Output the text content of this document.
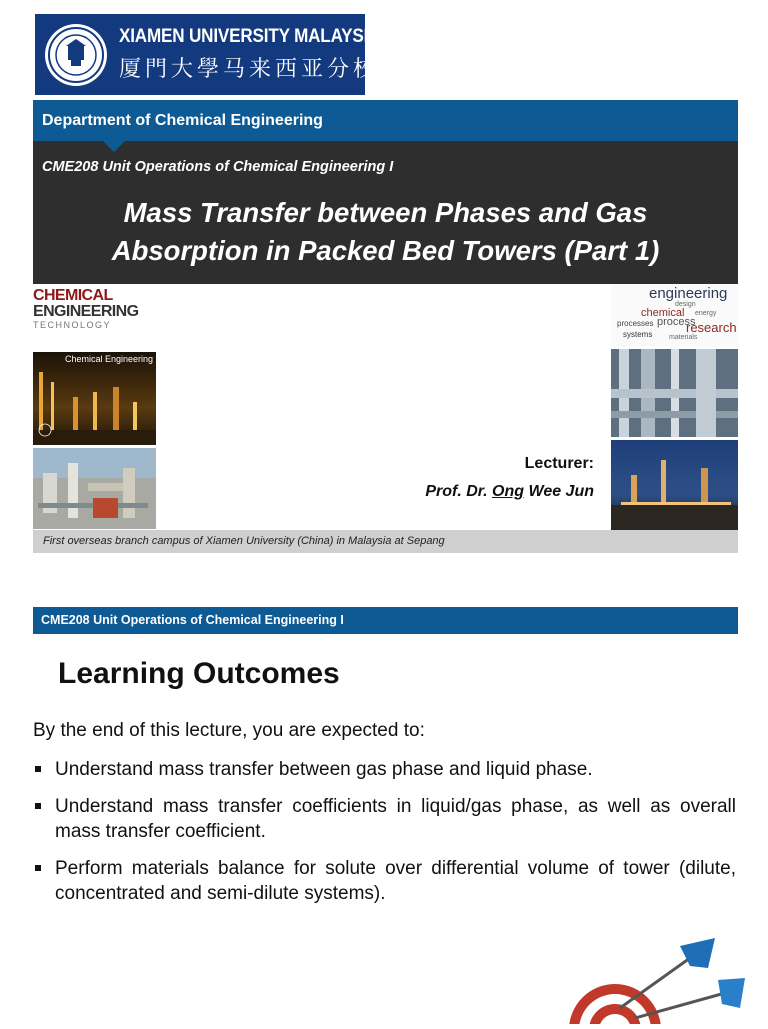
XIAMEN UNIVERSITY MALAYSIA
厦門大學马来西亚分校
Department of Chemical Engineering
CME208 Unit Operations of Chemical Engineering I
Mass Transfer between Phases and Gas
Absorption in Packed Bed Towers (Part 1)
CHEMICAL
ENGINEERING
TECHNOLOGY
Chemical Engineering
engineering
chemical
process
research
systems
design
energy
processes
materials
Lecturer:
Prof. Dr. Ong Wee Jun
First overseas branch campus of Xiamen University (China) in Malaysia at Sepang
CME208 Unit Operations of Chemical Engineering I
Learning Outcomes
By the end of this lecture, you are expected to:
Understand mass transfer between gas phase and liquid phase.
Understand mass transfer coefficients in liquid/gas phase, as well as overall mass transfer coefficient.
Perform materials balance for solute over differential volume of tower (dilute, concentrated and semi-dilute systems).
